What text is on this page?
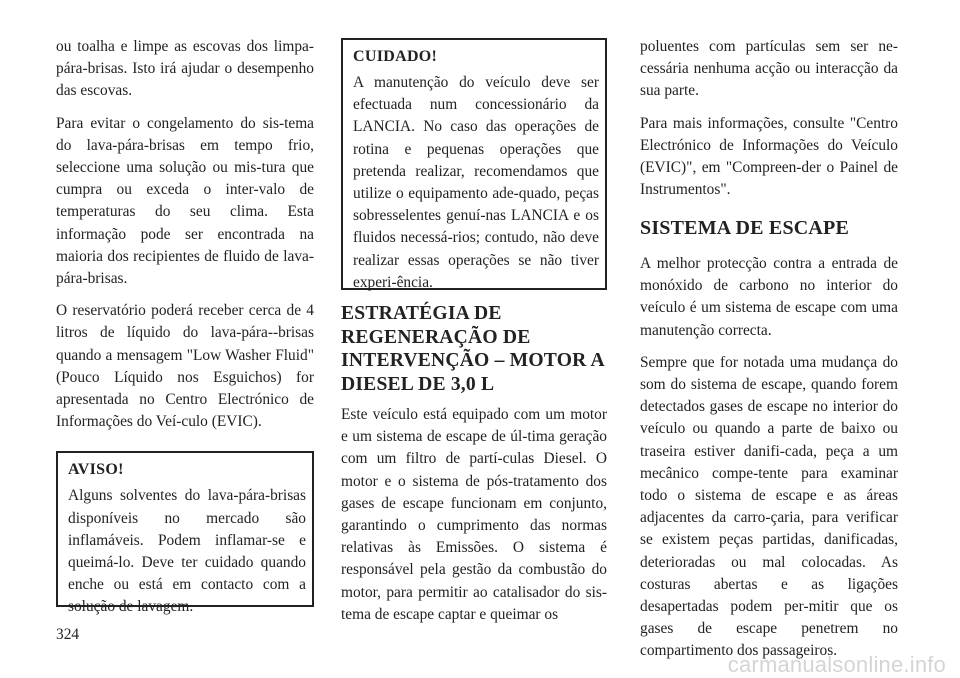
ou toalha e limpe as escovas dos limpa-pára-brisas. Isto irá ajudar o desempenho das escovas.

Para evitar o congelamento do sis-tema do lava-pára-brisas em tempo frio, seleccione uma solução ou mis-tura que cumpra ou exceda o inter-valo de temperaturas do seu clima. Esta informação pode ser encontrada na maioria dos recipientes de fluido de lava-pára-brisas.

O reservatório poderá receber cerca de 4 litros de líquido do lava-pára--brisas quando a mensagem "Low Washer Fluid" (Pouco Líquido nos Esguichos) for apresentada no Centro Electrónico de Informações do Veí-culo (EVIC).

AVISO!

Alguns solventes do lava-pára-brisas disponíveis no mercado são inflamáveis. Podem inflamar-se e queimá-lo. Deve ter cuidado quando enche ou está em contacto com a solução de lavagem.

CUIDADO!

A manutenção do veículo deve ser efectuada num concessionário da LANCIA. No caso das operações de rotina e pequenas operações que pretenda realizar, recomendamos que utilize o equipamento ade-quado, peças sobresselentes genuí-nas LANCIA e os fluidos necessá-rios; contudo, não deve realizar essas operações se não tiver experi-ência.

ESTRATÉGIA DE REGENERAÇÃO DE INTERVENÇÃO – MOTOR A DIESEL DE 3,0 L

Este veículo está equipado com um motor e um sistema de escape de úl-tima geração com um filtro de partí-culas Diesel. O motor e o sistema de pós-tratamento dos gases de escape funcionam em conjunto, garantindo o cumprimento das normas relativas às Emissões. O sistema é responsável pela gestão da combustão do motor, para permitir ao catalisador do sis-tema de escape captar e queimar os

poluentes com partículas sem ser ne-cessária nenhuma acção ou interacção da sua parte.

Para mais informações, consulte "Centro Electrónico de Informações do Veículo (EVIC)", em "Compreen-der o Painel de Instrumentos".

SISTEMA DE ESCAPE

A melhor protecção contra a entrada de monóxido de carbono no interior do veículo é um sistema de escape com uma manutenção correcta.

Sempre que for notada uma mudança do som do sistema de escape, quando forem detectados gases de escape no interior do veículo ou quando a parte de baixo ou traseira estiver danifi-cada, peça a um mecânico compe-tente para examinar todo o sistema de escape e as áreas adjacentes da carro-çaria, para verificar se existem peças partidas, danificadas, deterioradas ou mal colocadas. As costuras abertas e as ligações desapertadas podem per-mitir que os gases de escape penetrem no compartimento dos passageiros.

324
carmanualsonline.info
